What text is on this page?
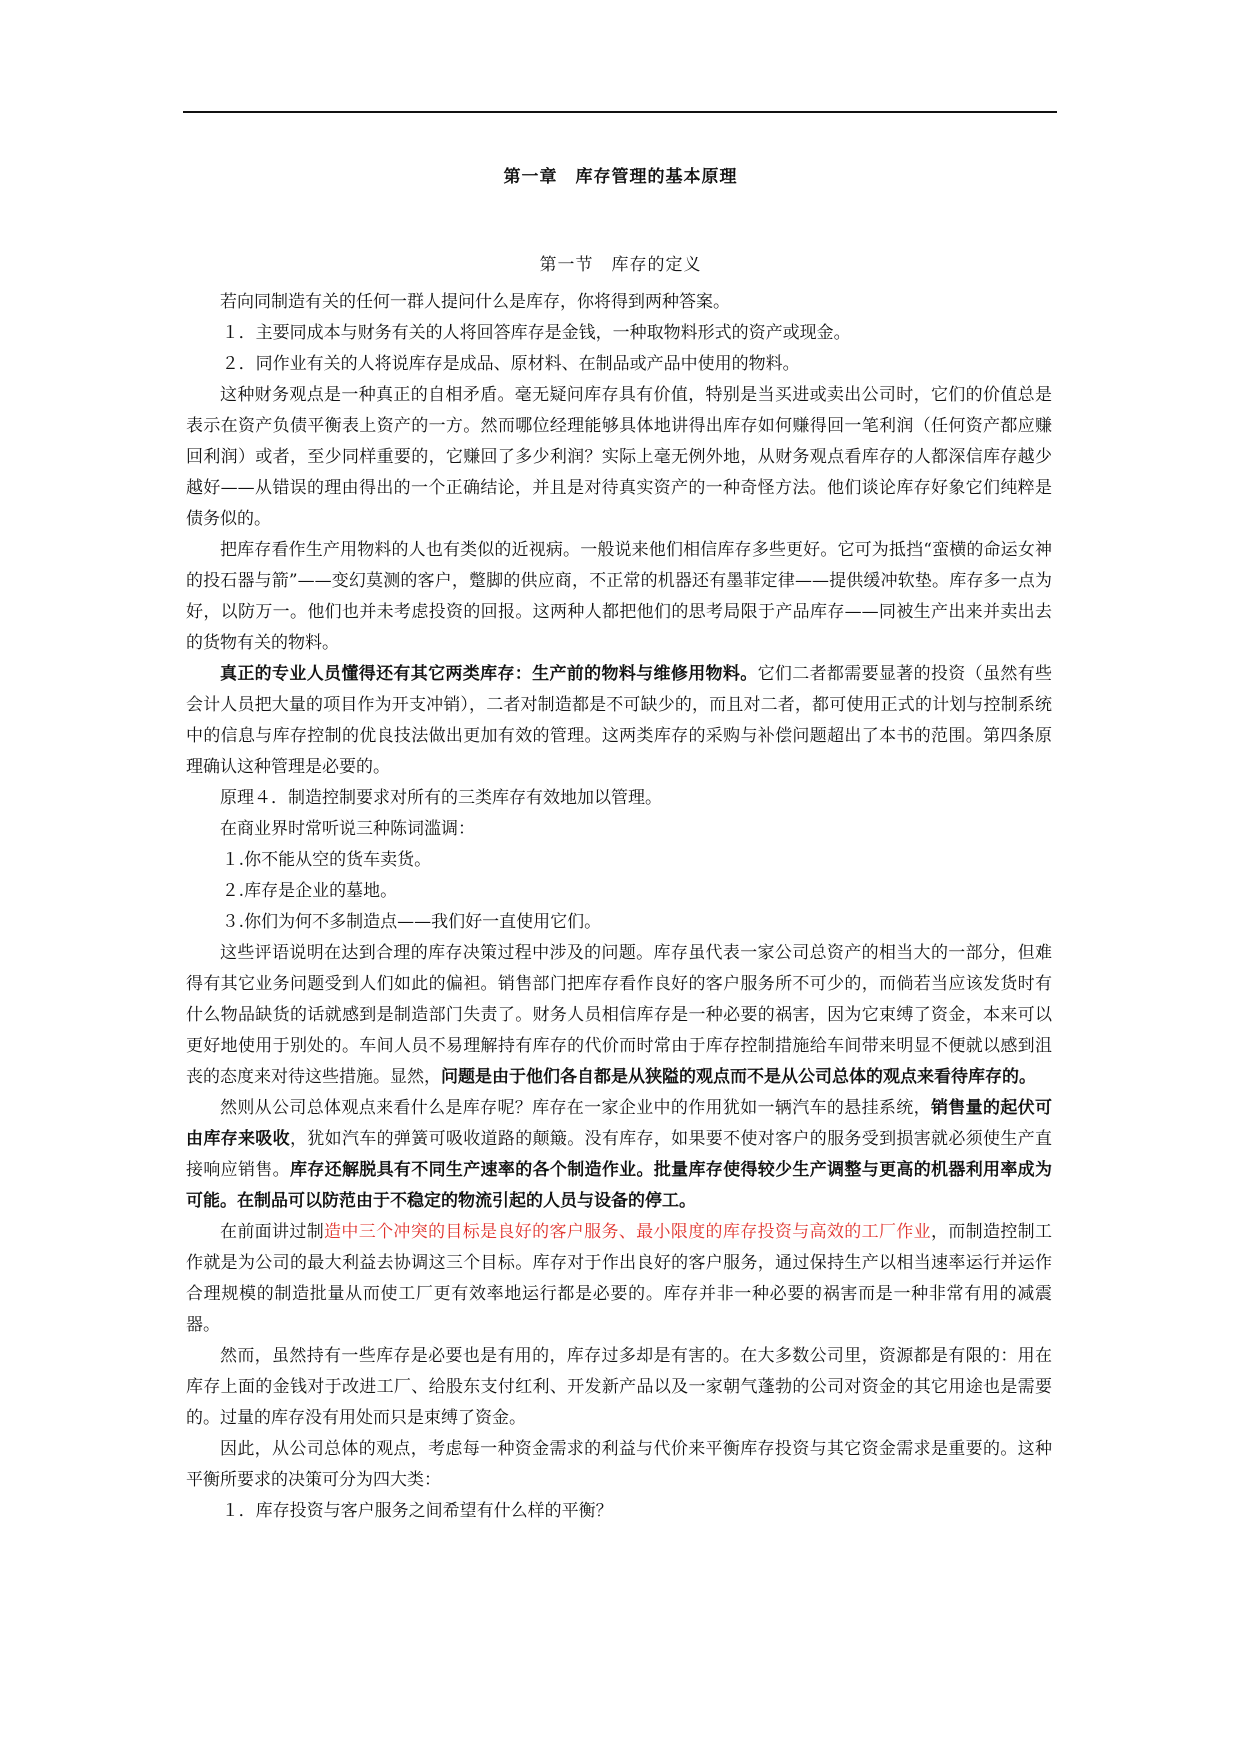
第一章　库存管理的基本原理
第一节　库存的定义

若向同制造有关的任何一群人提问什么是库存，你将得到两种答案。

１．主要同成本与财务有关的人将回答库存是金钱，一种取物料形式的资产或现金。

２．同作业有关的人将说库存是成品、原材料、在制品或产品中使用的物料。

这种财务观点是一种真正的自相矛盾。毫无疑问库存具有价值，特别是当买进或卖出公司时，它们的价值总是表示在资产负债平衡表上资产的一方。然而哪位经理能够具体地讲得出库存如何赚得回一笔利润（任何资产都应赚回利润）或者，至少同样重要的，它赚回了多少利润？实际上毫无例外地，从财务观点看库存的人都深信库存越少越好——从错误的理由得出的一个正确结论，并且是对待真实资产的一种奇怪方法。他们谈论库存好象它们纯粹是债务似的。

把库存看作生产用物料的人也有类似的近视病。一般说来他们相信库存多些更好。它可为抵挡“蛮横的命运女神的投石器与箭”——变幻莫测的客户，蹩脚的供应商，不正常的机器还有墨菲定律——提供缓冲软垫。库存多一点为好，以防万一。他们也并未考虑投资的回报。这两种人都把他们的思考局限于产品库存——同被生产出来并卖出去的货物有关的物料。

真正的专业人员懂得还有其它两类库存：生产前的物料与维修用物料。它们二者都需要显著的投资（虽然有些会计人员把大量的项目作为开支冲销），二者对制造都是不可缺少的，而且对二者，都可使用正式的计划与控制系统中的信息与库存控制的优良技法做出更加有效的管理。这两类库存的采购与补偿问题超出了本书的范围。第四条原理确认这种管理是必要的。

原理４．制造控制要求对所有的三类库存有效地加以管理。

在商业界时常听说三种陈词滥调：

１.你不能从空的货车卖货。

２.库存是企业的墓地。

３.你们为何不多制造点——我们好一直使用它们。

这些评语说明在达到合理的库存决策过程中涉及的问题。库存虽代表一家公司总资产的相当大的一部分，但难得有其它业务问题受到人们如此的偏袒。销售部门把库存看作良好的客户服务所不可少的，而倘若当应该发货时有什么物品缺货的话就感到是制造部门失责了。财务人员相信库存是一种必要的祸害，因为它束缚了资金，本来可以更好地使用于别处的。车间人员不易理解持有库存的代价而时常由于库存控制措施给车间带来明显不便就以感到沮丧的态度来对待这些措施。显然，问题是由于他们各自都是从狭隘的观点而不是从公司总体的观点来看待库存的。

然则从公司总体观点来看什么是库存呢？库存在一家企业中的作用犹如一辆汽车的悬挂系统，销售量的起伏可由库存来吸收，犹如汽车的弹簧可吸收道路的颠簸。没有库存，如果要不使对客户的服务受到损害就必须使生产直接响应销售。库存还解脱具有不同生产速率的各个制造作业。批量库存使得较少生产调整与更高的机器利用率成为可能。在制品可以防范由于不稳定的物流引起的人员与设备的停工。

在前面讲过制造中三个冲突的目标是良好的客户服务、最小限度的库存投资与高效的工厂作业，而制造控制工作就是为公司的最大利益去协调这三个目标。库存对于作出良好的客户服务，通过保持生产以相当速率运行并运作合理规模的制造批量从而使工厂更有效率地运行都是必要的。库存并非一种必要的祸害而是一种非常有用的减震器。

然而，虽然持有一些库存是必要也是有用的，库存过多却是有害的。在大多数公司里，资源都是有限的：用在库存上面的金钱对于改进工厂、给股东支付红利、开发新产品以及一家朝气蓬勃的公司对资金的其它用途也是需要的。过量的库存没有用处而只是束缚了资金。

因此，从公司总体的观点，考虑每一种资金需求的利益与代价来平衡库存投资与其它资金需求是重要的。这种平衡所要求的决策可分为四大类：

１．库存投资与客户服务之间希望有什么样的平衡？
